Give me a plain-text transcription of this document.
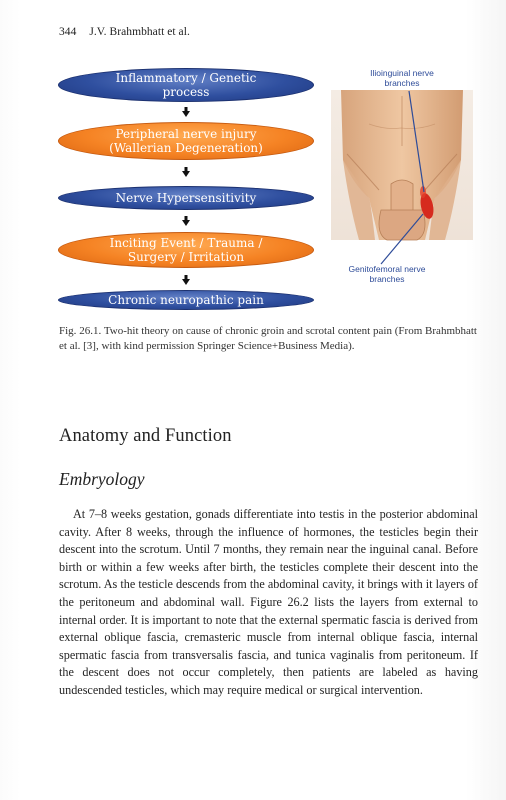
344 J.V. Brahmbhatt et al.
Inflammatory / Genetic
process
Peripheral nerve injury
(Wallerian Degeneration)
Nerve Hypersensitivity
Inciting Event / Trauma /
Surgery / Irritation
Chronic neuropathic pain
Ilioinguinal nerve
branches
Genitofemoral nerve
branches
Fig. 26.1. Two-hit theory on cause of chronic groin and scrotal content pain (From Brahmbhatt et al. [3], with kind permission Springer Science+Business Media).
Anatomy and Function
Embryology
At 7–8 weeks gestation, gonads differentiate into testis in the posterior abdominal cavity. After 8 weeks, through the influence of hormones, the testicles begin their descent into the scrotum. Until 7 months, they remain near the inguinal canal. Before birth or within a few weeks after birth, the testicles complete their descent into the scrotum. As the testicle descends from the abdominal cavity, it brings with it layers of the peritoneum and abdominal wall. Figure 26.2 lists the layers from external to internal order. It is important to note that the external spermatic fascia is derived from external oblique fascia, cremasteric muscle from internal oblique fascia, internal spermatic fascia from transversalis fascia, and tunica vaginalis from peritoneum. If the descent does not occur completely, then patients are labeled as having undescended testicles, which may require medical or surgical intervention.
